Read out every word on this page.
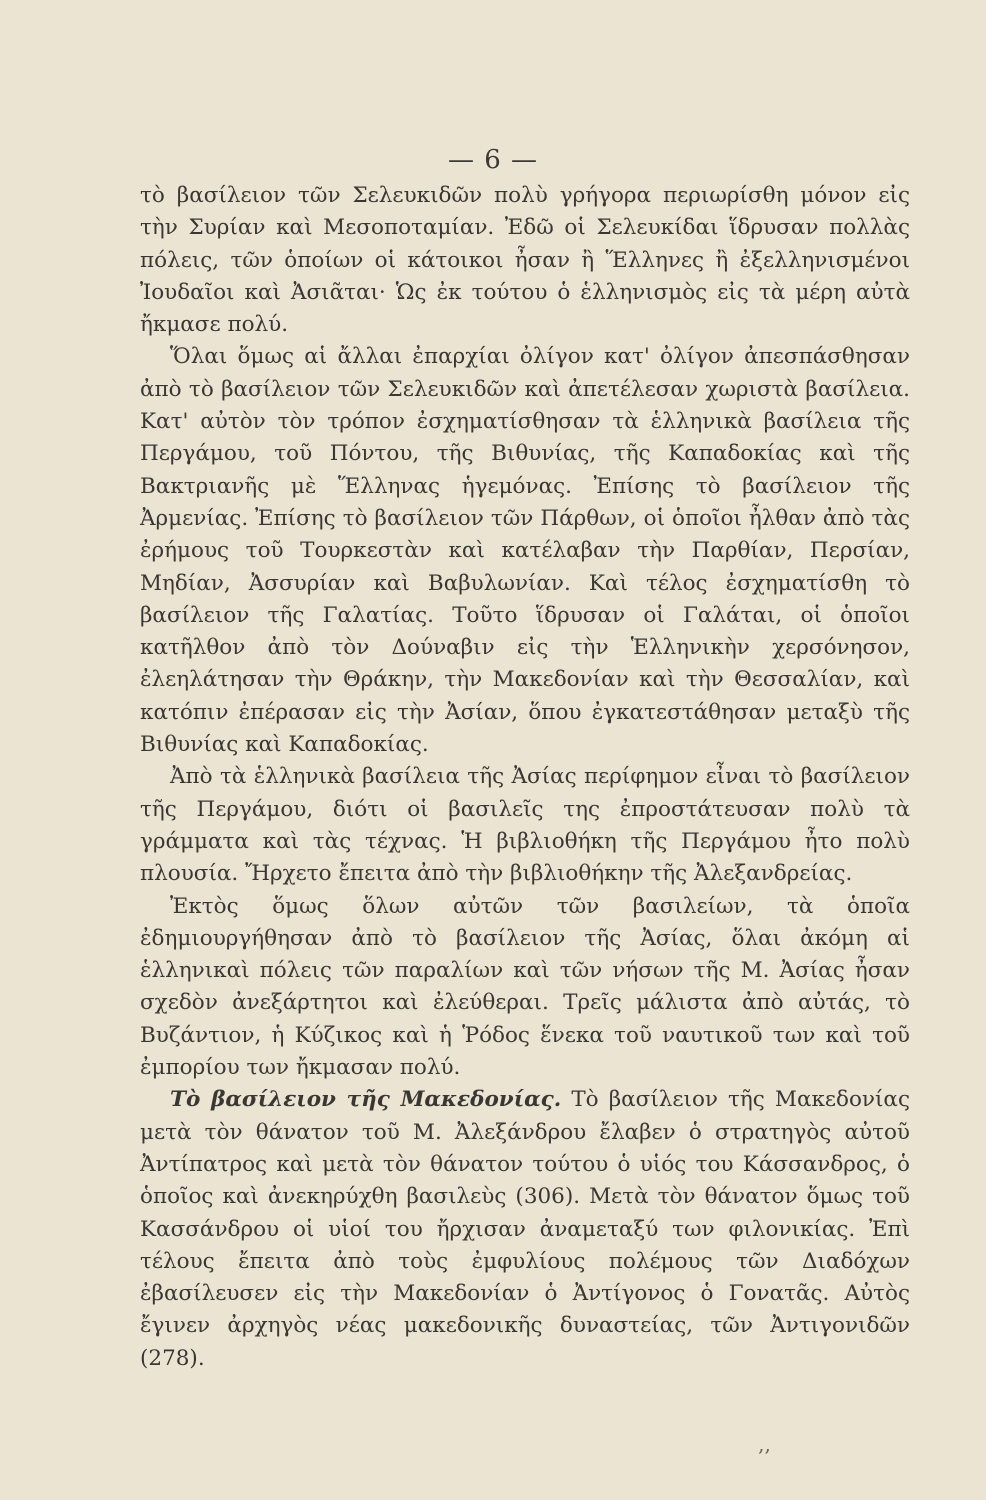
— 6 —

τὸ βασίλειον τῶν Σελευκιδῶν πολὺ γρήγορα περιωρίσθη μόνον εἰς τὴν Συρίαν καὶ Μεσοποταμίαν. Ἐδῶ οἱ Σελευκίδαι ἵδρυσαν πολλὰς πόλεις, τῶν ὁποίων οἱ κάτοικοι ἦσαν ἢ Ἕλληνες ἢ ἐξελληνισμένοι Ἰουδαῖοι καὶ Ἀσιᾶται· Ὡς ἐκ τούτου ὁ ἑλληνισμὸς εἰς τὰ μέρη αὐτὰ ἤκμασε πολύ.

Ὅλαι ὅμως αἱ ἄλλαι ἐπαρχίαι ὀλίγον κατ' ὀλίγον ἀπεσπάσθησαν ἀπὸ τὸ βασίλειον τῶν Σελευκιδῶν καὶ ἀπετέλεσαν χωριστὰ βασίλεια. Κατ' αὐτὸν τὸν τρόπον ἐσχηματίσθησαν τὰ ἑλληνικὰ βασίλεια τῆς Περγάμου, τοῦ Πόντου, τῆς Βιθυνίας, τῆς Καπαδοκίας καὶ τῆς Βακτριανῆς μὲ Ἕλληνας ἡγεμόνας. Ἐπίσης τὸ βασίλειον τῆς Ἀρμενίας. Ἐπίσης τὸ βασίλειον τῶν Πάρθων, οἱ ὁποῖοι ἦλθαν ἀπὸ τὰς ἐρήμους τοῦ Τουρκεστὰν καὶ κατέλαβαν τὴν Παρθίαν, Περσίαν, Μηδίαν, Ἀσσυρίαν καὶ Βαβυλωνίαν. Καὶ τέλος ἐσχηματίσθη τὸ βασίλειον τῆς Γαλατίας. Τοῦτο ἵδρυσαν οἱ Γαλάται, οἱ ὁποῖοι κατῆλθον ἀπὸ τὸν Δούναβιν εἰς τὴν Ἑλληνικὴν χερσόνησον, ἐλεηλάτησαν τὴν Θράκην, τὴν Μακεδονίαν καὶ τὴν Θεσσαλίαν, καὶ κατόπιν ἐπέρασαν εἰς τὴν Ἀσίαν, ὅπου ἐγκατεστάθησαν μεταξὺ τῆς Βιθυνίας καὶ Καπαδοκίας.

Ἀπὸ τὰ ἑλληνικὰ βασίλεια τῆς Ἀσίας περίφημον εἶναι τὸ βασίλειον τῆς Περγάμου, διότι οἱ βασιλεῖς της ἐπροστάτευσαν πολὺ τὰ γράμματα καὶ τὰς τέχνας. Ἡ βιβλιοθήκη τῆς Περγάμου ἦτο πολὺ πλουσία. Ἤρχετο ἔπειτα ἀπὸ τὴν βιβλιοθήκην τῆς Ἀλεξανδρείας.

Ἐκτὸς ὅμως ὅλων αὐτῶν τῶν βασιλείων, τὰ ὁποῖα ἐδημιουργήθησαν ἀπὸ τὸ βασίλειον τῆς Ἀσίας, ὅλαι ἀκόμη αἱ ἑλληνικαὶ πόλεις τῶν παραλίων καὶ τῶν νήσων τῆς Μ. Ἀσίας ἦσαν σχεδὸν ἀνεξάρτητοι καὶ ἐλεύθεραι. Τρεῖς μάλιστα ἀπὸ αὐτάς, τὸ Βυζάντιον, ἡ Κύζικος καὶ ἡ Ῥόδος ἕνεκα τοῦ ναυτικοῦ των καὶ τοῦ ἐμπορίου των ἤκμασαν πολύ.

Τὸ βασίλειον τῆς Μακεδονίας. Τὸ βασίλειον τῆς Μακεδονίας μετὰ τὸν θάνατον τοῦ Μ. Ἀλεξάνδρου ἔλαβεν ὁ στρατηγὸς αὐτοῦ Ἀντίπατρος καὶ μετὰ τὸν θάνατον τούτου ὁ υἱός του Κάσσανδρος, ὁ ὁποῖος καὶ ἀνεκηρύχθη βασιλεὺς (306). Μετὰ τὸν θάνατον ὅμως τοῦ Κασσάνδρου οἱ υἱοί του ἤρχισαν ἀναμεταξύ των φιλονικίας. Ἐπὶ τέλους ἔπειτα ἀπὸ τοὺς ἐμφυλίους πολέμους τῶν Διαδόχων ἐβασίλευσεν εἰς τὴν Μακεδονίαν ὁ Ἀντίγονος ὁ Γονατᾶς. Αὐτὸς ἔγινεν ἀρχηγὸς νέας μακεδονικῆς δυναστείας, τῶν Ἀντιγονιδῶν (278).

‚‚
